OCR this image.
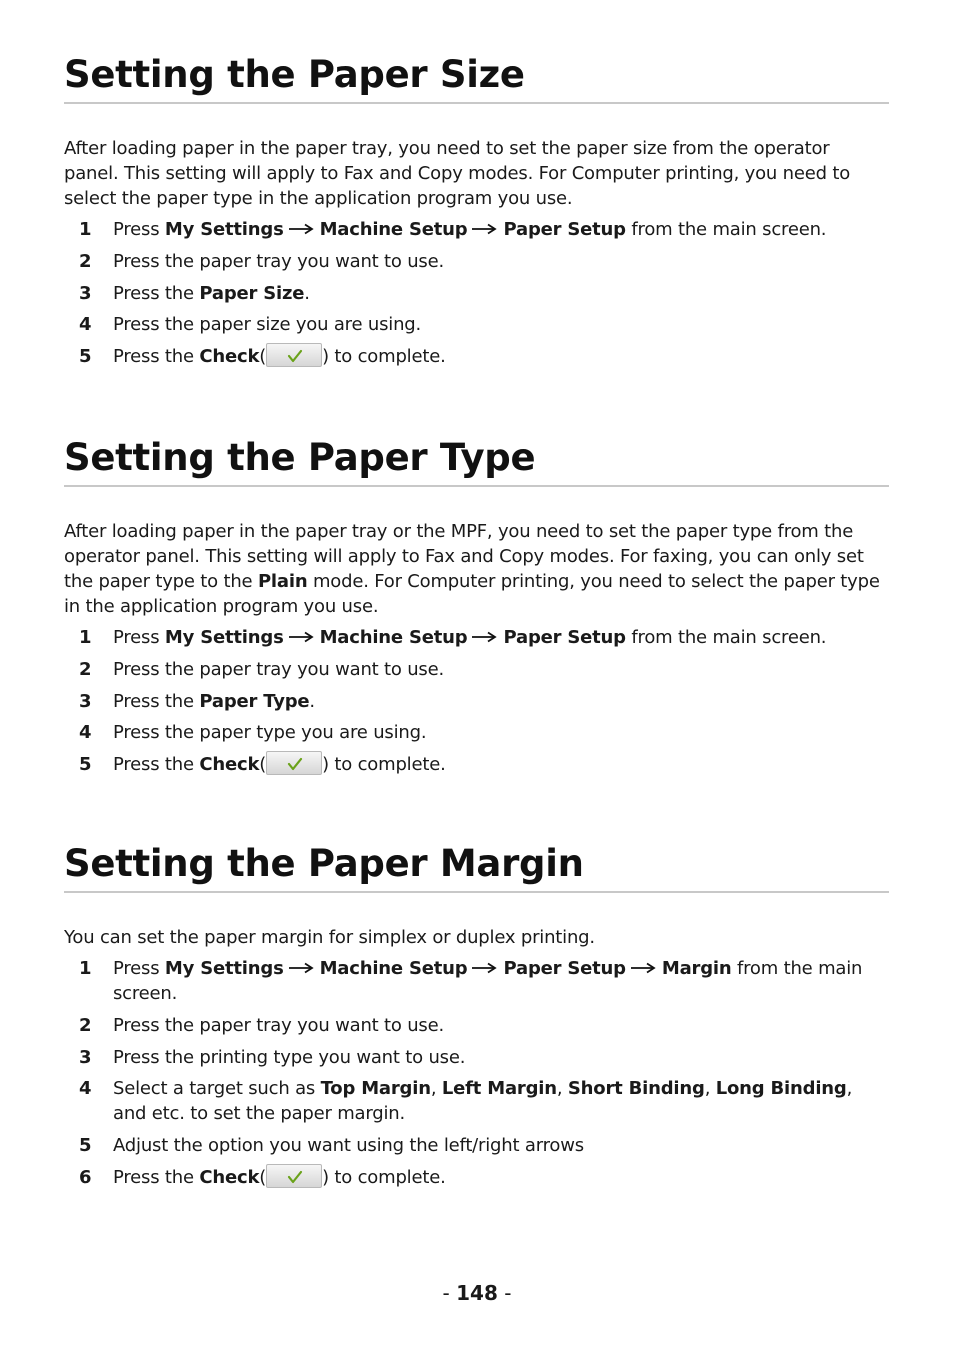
Setting the Paper Size

After loading paper in the paper tray, you need to set the paper size from the operator panel. This setting will apply to Fax and Copy modes. For Computer printing, you need to select the paper type in the application program you use.

1 Press My Settings Machine Setup Paper Setup from the main screen.
2 Press the paper tray you want to use.
3 Press the Paper Size.
4 Press the paper size you are using.
5 Press the Check(	) to complete.
Setting the Paper Type

After loading paper in the paper tray or the MPF, you need to set the paper type from the operator panel. This setting will apply to Fax and Copy modes. For faxing, you can only set the paper type to the Plain mode. For Computer printing, you need to select the paper type in the application program you use.

1 Press My Settings Machine Setup Paper Setup from the main screen.
2 Press the paper tray you want to use.
3 Press the Paper Type.
4 Press the paper type you are using.
5 Press the Check(	) to complete.
Setting the Paper Margin

You can set the paper margin for simplex or duplex printing.

1 Press My Settings Machine Setup Paper Setup Margin from the main screen.
2 Press the paper tray you want to use.
3 Press the printing type you want to use.
4 Select a target such as Top Margin, Left Margin, Short Binding, Long Binding, and etc. to set the paper margin.
5 Adjust the option you want using the left/right arrows
6 Press the Check(	) to complete.
- 148 -
